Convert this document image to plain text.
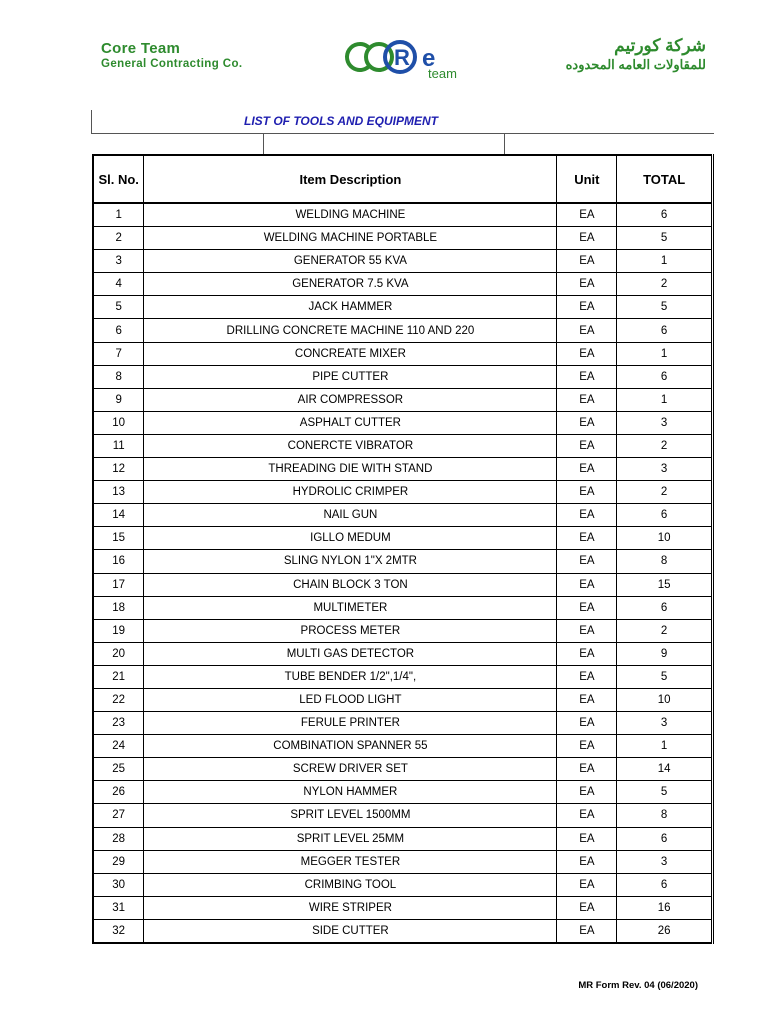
Core Team
General Contracting Co.	R e
team
شركة كورتيم
للمقاولات العامه المحدوده
LIST OF TOOLS AND EQUIPMENT
Sl. No.	Item Description	Unit	TOTAL
1	WELDING MACHINE	EA	6
2	WELDING MACHINE PORTABLE	EA	5
3	GENERATOR 55 KVA	EA	1
4	GENERATOR 7.5 KVA	EA	2
5	JACK HAMMER	EA	5
6	DRILLING CONCRETE MACHINE 110 AND 220	EA	6
7	CONCREATE MIXER	EA	1
8	PIPE CUTTER	EA	6
9	AIR COMPRESSOR	EA	1
10	ASPHALT CUTTER	EA	3
11	CONERCTE VIBRATOR	EA	2
12	THREADING DIE WITH STAND	EA	3
13	HYDROLIC CRIMPER	EA	2
14	NAIL GUN	EA	6
15	IGLLO MEDUM	EA	10
16	SLING NYLON 1"X 2MTR	EA	8
17	CHAIN BLOCK 3 TON	EA	15
18	MULTIMETER	EA	6
19	PROCESS METER	EA	2
20	MULTI GAS DETECTOR	EA	9
21	TUBE BENDER 1/2",1/4",	EA	5
22	LED FLOOD LIGHT	EA	10
23	FERULE PRINTER	EA	3
24	COMBINATION SPANNER 55	EA	1
25	SCREW DRIVER SET	EA	14
26	NYLON HAMMER	EA	5
27	SPRIT LEVEL 1500MM	EA	8
28	SPRIT LEVEL 25MM	EA	6
29	MEGGER TESTER	EA	3
30	CRIMBING TOOL	EA	6
31	WIRE STRIPER	EA	16
32	SIDE CUTTER	EA	26
MR Form Rev. 04 (06/2020)
